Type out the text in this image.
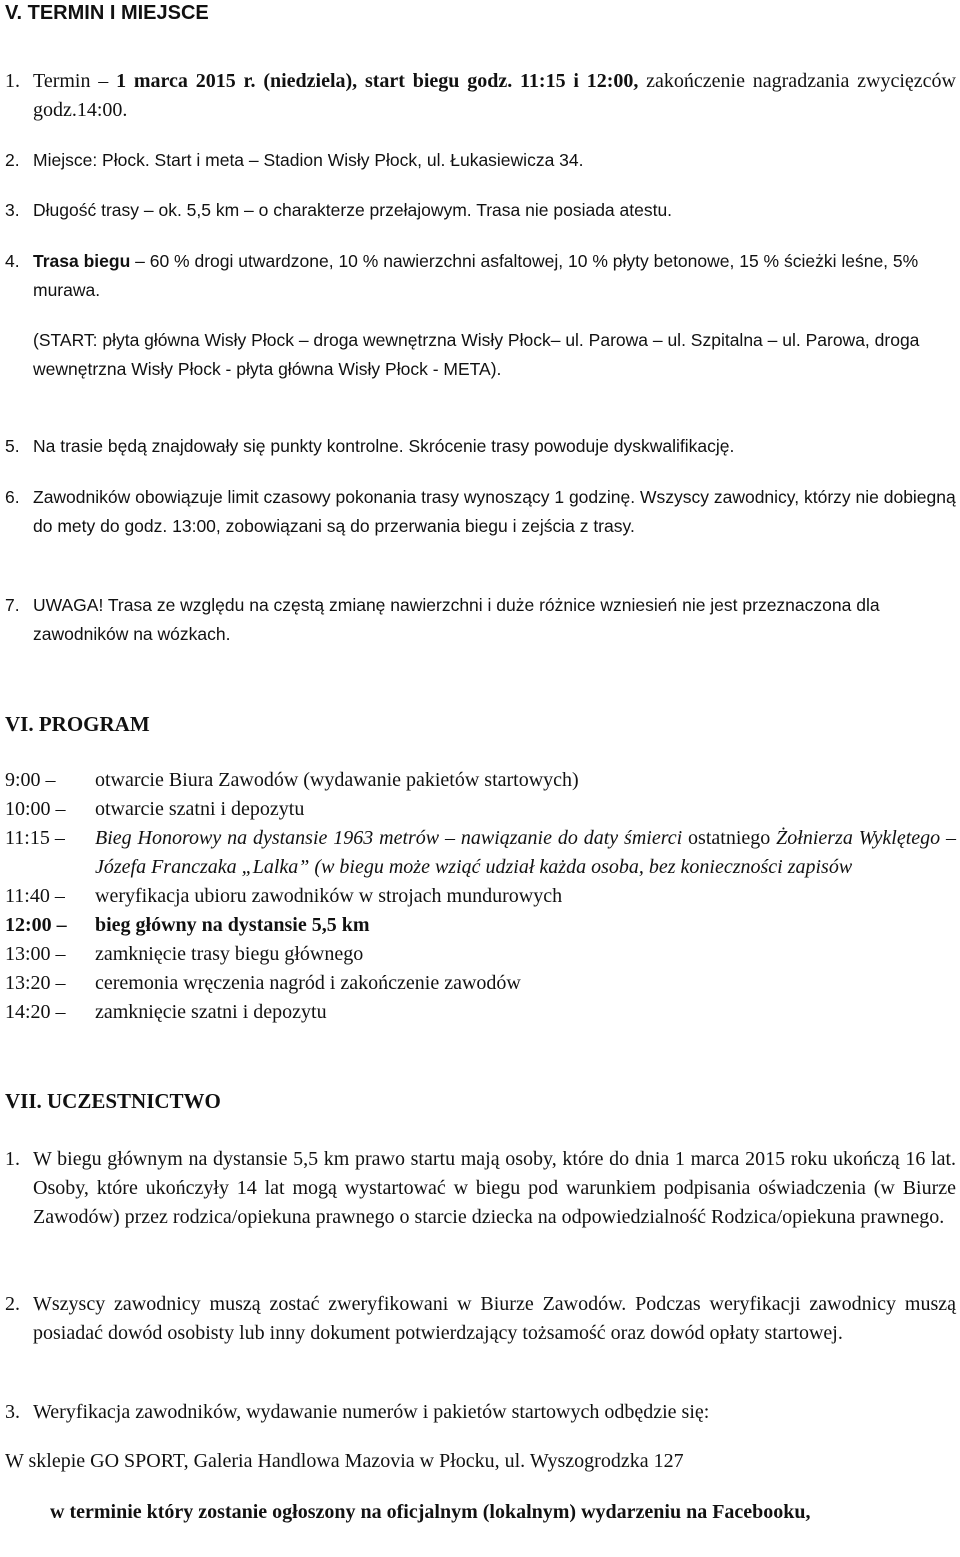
V. TERMIN I MIEJSCE
1. Termin – 1 marca 2015 r. (niedziela), start biegu godz. 11:15 i 12:00, zakończenie nagradzania zwycięzców godz.14:00.
2. Miejsce: Płock. Start i meta – Stadion Wisły Płock, ul. Łukasiewicza 34.
3. Długość trasy – ok. 5,5 km – o charakterze przełajowym. Trasa nie posiada atestu.
4. Trasa biegu – 60 % drogi utwardzone, 10 % nawierzchni asfaltowej, 10 % płyty betonowe, 15 % ścieżki leśne, 5% murawa.
(START: płyta główna Wisły Płock – droga wewnętrzna Wisły Płock– ul. Parowa – ul. Szpitalna – ul. Parowa, droga wewnętrzna Wisły Płock - płyta główna Wisły Płock - META).
5. Na trasie będą znajdowały się punkty kontrolne. Skrócenie trasy powoduje dyskwalifikację.
6. Zawodników obowiązuje limit czasowy pokonania trasy wynoszący 1 godzinę. Wszyscy zawodnicy, którzy nie dobiegną do mety do godz. 13:00, zobowiązani są do przerwania biegu i zejścia z trasy.
7. UWAGA! Trasa ze względu na częstą zmianę nawierzchni i duże różnice wzniesień nie jest przeznaczona dla zawodników na wózkach.
VI. PROGRAM
9:00 –	otwarcie Biura Zawodów (wydawanie pakietów startowych)
10:00 –	otwarcie szatni i depozytu
11:15 –	Bieg Honorowy na dystansie 1963 metrów – nawiązanie do daty śmierci ostatniego Żołnierza Wyklętego – Józefa Franczaka „Lalka” (w biegu może wziąć udział każda osoba, bez konieczności zapisów
11:40 –	weryfikacja ubioru zawodników w strojach mundurowych
12:00 –	bieg główny na dystansie 5,5 km
13:00 –	zamknięcie trasy biegu głównego
13:20 –	ceremonia wręczenia nagród i zakończenie zawodów
14:20 –	zamknięcie szatni i depozytu
VII. UCZESTNICTWO
1. W biegu głównym na dystansie 5,5 km prawo startu mają osoby, które do dnia 1 marca 2015 roku ukończą 16 lat. Osoby, które ukończyły 14 lat mogą wystartować w biegu pod warunkiem podpisania oświadczenia (w Biurze Zawodów) przez rodzica/opiekuna prawnego o starcie dziecka na odpowiedzialność Rodzica/opiekuna prawnego.
2. Wszyscy zawodnicy muszą zostać zweryfikowani w Biurze Zawodów. Podczas weryfikacji zawodnicy muszą posiadać dowód osobisty lub inny dokument potwierdzający tożsamość oraz dowód opłaty startowej.
3. Weryfikacja zawodników, wydawanie numerów i pakietów startowych odbędzie się:
W sklepie GO SPORT, Galeria Handlowa Mazovia w Płocku, ul. Wyszogrodzka 127
w terminie który zostanie ogłoszony na oficjalnym (lokalnym) wydarzeniu na Facebooku,
